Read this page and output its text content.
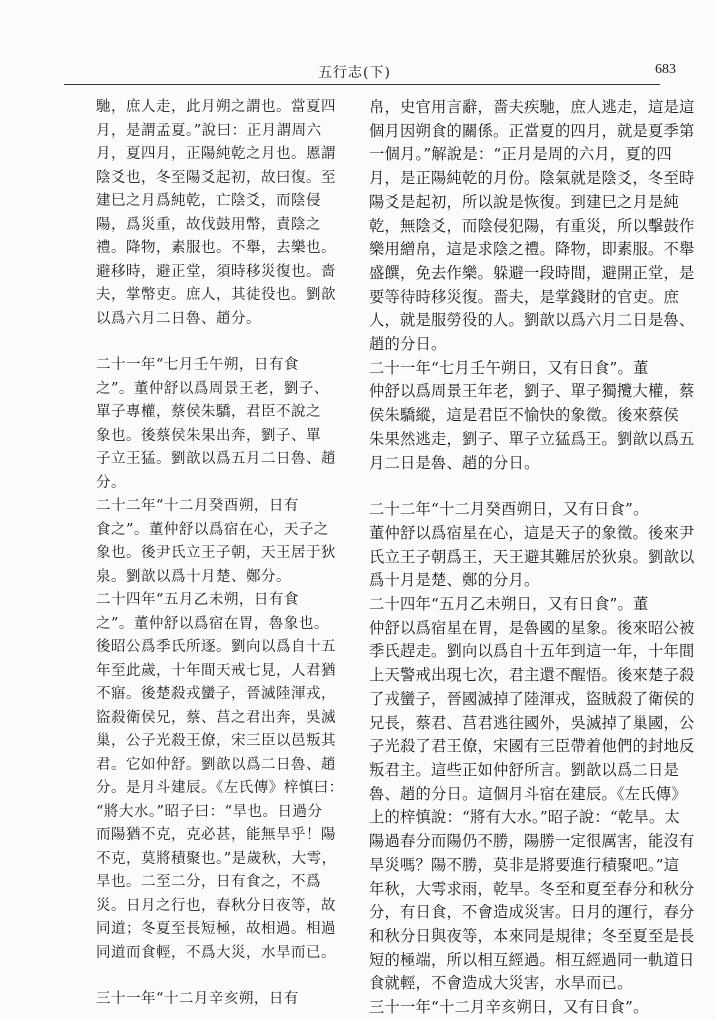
五行志(下)	683
馳，庶人走，此月朔之謂也。當夏四
月，是謂孟夏。”說曰：正月謂周六
月，夏四月，正陽純乾之月也。慝謂
陰爻也，冬至陽爻起初，故曰復。至
建巳之月爲純乾，亡陰爻，而陰侵
陽，爲災重，故伐鼓用幣，責陰之
禮。降物，素服也。不舉，去樂也。
避移時，避正堂，須時移災復也。嗇
夫，掌幣吏。庶人，其徒役也。劉歆
以爲六月二日魯、趙分。
二十一年“七月壬午朔，日有食
之”。董仲舒以爲周景王老，劉子、
單子專權，蔡侯朱驕，君臣不說之
象也。後蔡侯朱果出奔，劉子、單
子立王猛。劉歆以爲五月二日魯、趙
分。
二十二年“十二月癸酉朔，日有
食之”。董仲舒以爲宿在心，天子之
象也。後尹氏立王子朝，天王居于狄
泉。劉歆以爲十月楚、鄭分。
二十四年“五月乙未朔，日有食
之”。董仲舒以爲宿在胃，魯象也。
後昭公爲季氏所逐。劉向以爲自十五
年至此歲，十年間天戒七見，人君猶
不寤。後楚殺戎蠻子，晉滅陸渾戎，
盜殺衛侯兄，蔡、莒之君出奔，吳滅
巢，公子光殺王僚，宋三臣以邑叛其
君。它如仲舒。劉歆以爲二日魯、趙
分。是月斗建辰。《左氏傳》梓慎曰：
“將大水。”昭子曰：“旱也。日過分
而陽猶不克，克必甚，能無旱乎！陽
不克，莫將積聚也。”是歲秋，大雩，
旱也。二至二分，日有食之，不爲
災。日月之行也，春秋分日夜等，故
同道；冬夏至長短極，故相過。相過
同道而食輕，不爲大災，水旱而已。
三十一年“十二月辛亥朔，日有
帛，史官用言辭，嗇夫疾馳，庶人逃走，這是這
個月因朔食的關係。正當夏的四月，就是夏季第
一個月。”解說是：“正月是周的六月，夏的四
月，是正陽純乾的月份。陰氣就是陰爻，冬至時
陽爻是起初，所以說是恢復。到建巳之月是純
乾，無陰爻，而陰侵犯陽，有重災，所以擊鼓作
樂用繒帛，這是求陰之禮。降物，即素服。不舉
盛饌，免去作樂。躲避一段時間，避開正堂，是
要等待時移災復。嗇夫，是掌錢財的官吏。庶
人，就是服勞役的人。劉歆以爲六月二日是魯、
趙的分日。
二十一年“七月壬午朔日，又有日食”。董
仲舒以爲周景王年老，劉子、單子獨攬大權，蔡
侯朱驕縱，這是君臣不愉快的象徵。後來蔡侯
朱果然逃走，劉子、單子立猛爲王。劉歆以爲五
月二日是魯、趙的分日。
二十二年“十二月癸酉朔日，又有日食”。
董仲舒以爲宿星在心，這是天子的象徵。後來尹
氏立王子朝爲王，天王避其難居於狄泉。劉歆以
爲十月是楚、鄭的分月。
二十四年“五月乙未朔日，又有日食”。董
仲舒以爲宿星在胃，是魯國的星象。後來昭公被
季氏趕走。劉向以爲自十五年到這一年，十年間
上天警戒出現七次，君主還不醒悟。後來楚子殺
了戎蠻子，晉國滅掉了陸渾戎，盜賊殺了衛侯的
兄長，蔡君、莒君逃往國外，吳滅掉了巢國，公
子光殺了君王僚，宋國有三臣帶着他們的封地反
叛君主。這些正如仲舒所言。劉歆以爲二日是
魯、趙的分日。這個月斗宿在建辰。《左氏傳》
上的梓慎說：“將有大水。”昭子說：“乾旱。太
陽過春分而陽仍不勝，陽勝一定很厲害，能沒有
旱災嗎？陽不勝，莫非是將要進行積聚吧。”這
年秋，大雩求雨，乾旱。冬至和夏至春分和秋分
分，有日食，不會造成災害。日月的運行，春分
和秋分日與夜等，本來同是規律；冬至夏至是長
短的極端，所以相互經過。相互經過同一軌道日
食就輕，不會造成大災害，水旱而已。
三十一年“十二月辛亥朔日，又有日食”。
